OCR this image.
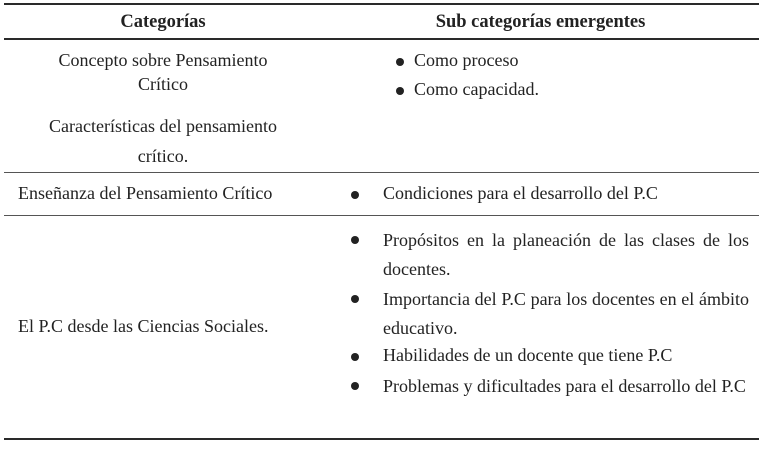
Categorías	Sub categorías emergentes
Concepto sobre Pensamiento
Crítico
Como proceso
Como capacidad.
Características del pensamiento
crítico.
Enseñanza del Pensamiento Crítico	Condiciones para el desarrollo del P.C
El P.C desde las Ciencias Sociales.
Propósitos en la planeación de las clases de los docentes.
Importancia del P.C para los docentes en el ámbito educativo.
Habilidades de un docente que tiene P.C
Problemas y dificultades para el desarrollo del P.C
